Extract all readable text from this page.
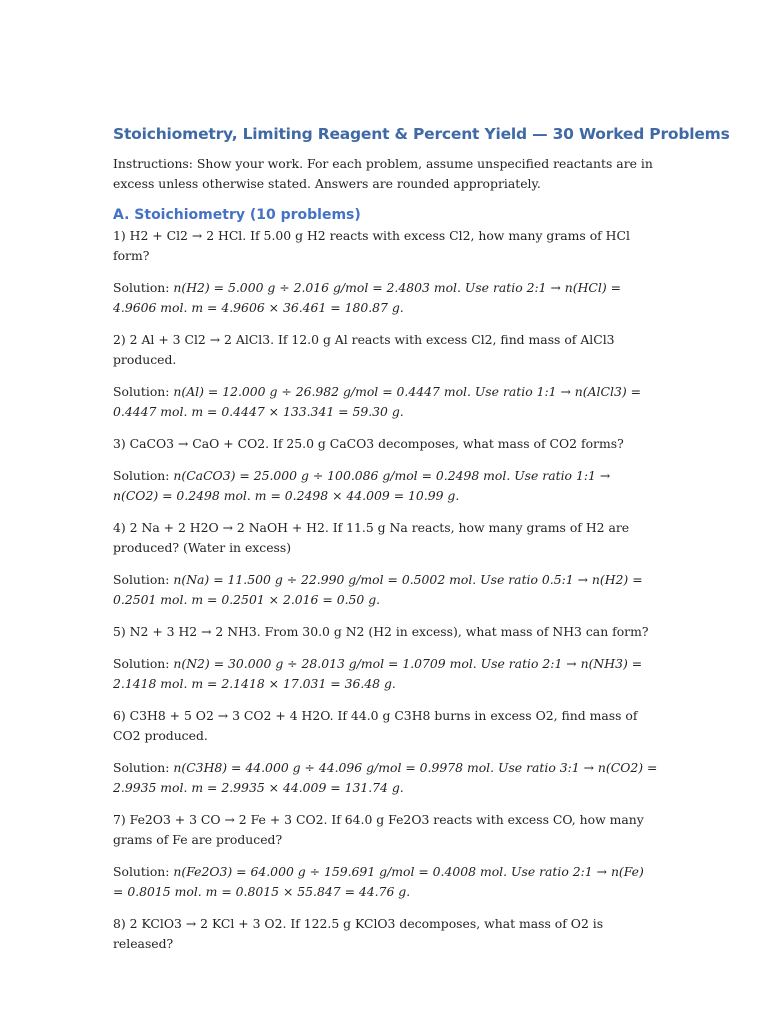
Stoichiometry, Limiting Reagent & Percent Yield — 30 Worked Problems

Instructions: Show your work. For each problem, assume unspecified reactants are in excess unless otherwise stated. Answers are rounded appropriately.

A. Stoichiometry (10 problems)

1) H2 + Cl2 → 2 HCl. If 5.00 g H2 reacts with excess Cl2, how many grams of HCl form?

Solution: n(H2) = 5.000 g ÷ 2.016 g/mol = 2.4803 mol. Use ratio 2:1 → n(HCl) = 4.9606 mol. m = 4.9606 × 36.461 = 180.87 g.

2) 2 Al + 3 Cl2 → 2 AlCl3. If 12.0 g Al reacts with excess Cl2, find mass of AlCl3 produced.

Solution: n(Al) = 12.000 g ÷ 26.982 g/mol = 0.4447 mol. Use ratio 1:1 → n(AlCl3) = 0.4447 mol. m = 0.4447 × 133.341 = 59.30 g.

3) CaCO3 → CaO + CO2. If 25.0 g CaCO3 decomposes, what mass of CO2 forms?

Solution: n(CaCO3) = 25.000 g ÷ 100.086 g/mol = 0.2498 mol. Use ratio 1:1 → n(CO2) = 0.2498 mol. m = 0.2498 × 44.009 = 10.99 g.

4) 2 Na + 2 H2O → 2 NaOH + H2. If 11.5 g Na reacts, how many grams of H2 are produced? (Water in excess)

Solution: n(Na) = 11.500 g ÷ 22.990 g/mol = 0.5002 mol. Use ratio 0.5:1 → n(H2) = 0.2501 mol. m = 0.2501 × 2.016 = 0.50 g.

5) N2 + 3 H2 → 2 NH3. From 30.0 g N2 (H2 in excess), what mass of NH3 can form?

Solution: n(N2) = 30.000 g ÷ 28.013 g/mol = 1.0709 mol. Use ratio 2:1 → n(NH3) = 2.1418 mol. m = 2.1418 × 17.031 = 36.48 g.

6) C3H8 + 5 O2 → 3 CO2 + 4 H2O. If 44.0 g C3H8 burns in excess O2, find mass of CO2 produced.

Solution: n(C3H8) = 44.000 g ÷ 44.096 g/mol = 0.9978 mol. Use ratio 3:1 → n(CO2) = 2.9935 mol. m = 2.9935 × 44.009 = 131.74 g.

7) Fe2O3 + 3 CO → 2 Fe + 3 CO2. If 64.0 g Fe2O3 reacts with excess CO, how many grams of Fe are produced?

Solution: n(Fe2O3) = 64.000 g ÷ 159.691 g/mol = 0.4008 mol. Use ratio 2:1 → n(Fe) = 0.8015 mol. m = 0.8015 × 55.847 = 44.76 g.

8) 2 KClO3 → 2 KCl + 3 O2. If 122.5 g KClO3 decomposes, what mass of O2 is released?
